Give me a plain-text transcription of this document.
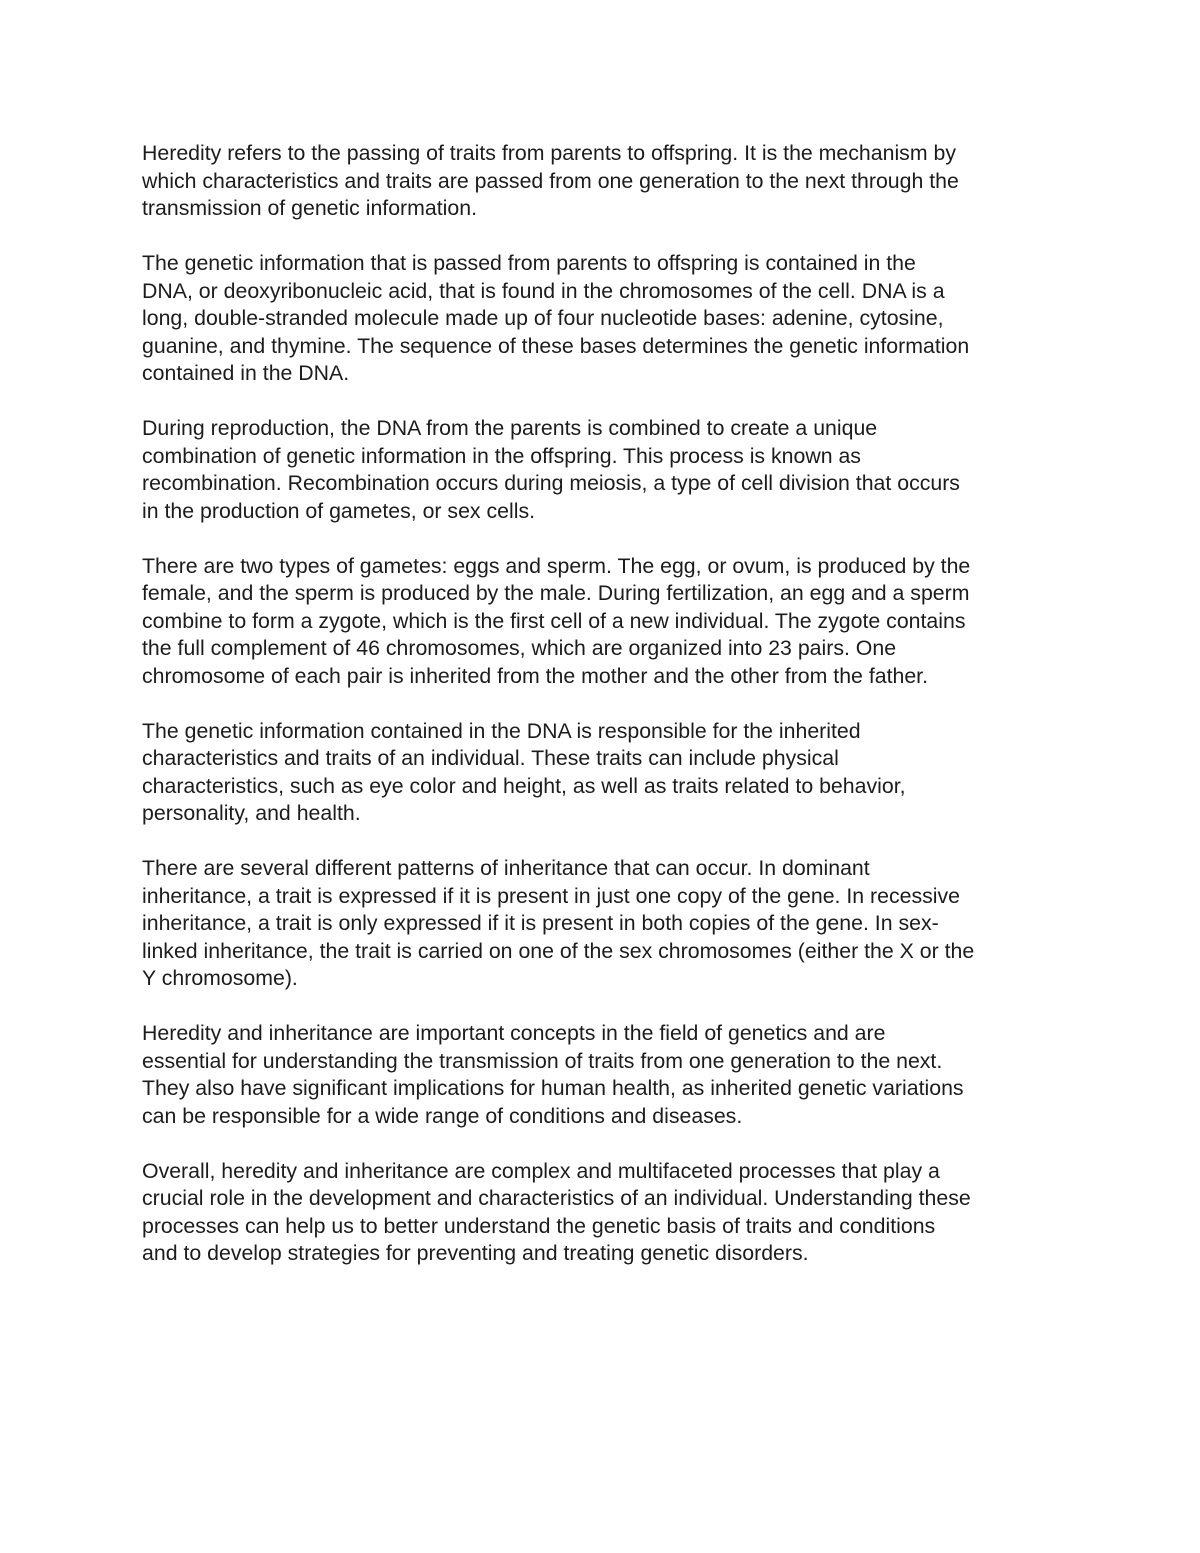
Heredity refers to the passing of traits from parents to offspring. It is the mechanism by
which characteristics and traits are passed from one generation to the next through the
transmission of genetic information.

The genetic information that is passed from parents to offspring is contained in the
DNA, or deoxyribonucleic acid, that is found in the chromosomes of the cell. DNA is a
long, double-stranded molecule made up of four nucleotide bases: adenine, cytosine,
guanine, and thymine. The sequence of these bases determines the genetic information
contained in the DNA.

During reproduction, the DNA from the parents is combined to create a unique
combination of genetic information in the offspring. This process is known as
recombination. Recombination occurs during meiosis, a type of cell division that occurs
in the production of gametes, or sex cells.

There are two types of gametes: eggs and sperm. The egg, or ovum, is produced by the
female, and the sperm is produced by the male. During fertilization, an egg and a sperm
combine to form a zygote, which is the first cell of a new individual. The zygote contains
the full complement of 46 chromosomes, which are organized into 23 pairs. One
chromosome of each pair is inherited from the mother and the other from the father.

The genetic information contained in the DNA is responsible for the inherited
characteristics and traits of an individual. These traits can include physical
characteristics, such as eye color and height, as well as traits related to behavior,
personality, and health.

There are several different patterns of inheritance that can occur. In dominant
inheritance, a trait is expressed if it is present in just one copy of the gene. In recessive
inheritance, a trait is only expressed if it is present in both copies of the gene. In sex-
linked inheritance, the trait is carried on one of the sex chromosomes (either the X or the
Y chromosome).

Heredity and inheritance are important concepts in the field of genetics and are
essential for understanding the transmission of traits from one generation to the next.
They also have significant implications for human health, as inherited genetic variations
can be responsible for a wide range of conditions and diseases.

Overall, heredity and inheritance are complex and multifaceted processes that play a
crucial role in the development and characteristics of an individual. Understanding these
processes can help us to better understand the genetic basis of traits and conditions
and to develop strategies for preventing and treating genetic disorders.
